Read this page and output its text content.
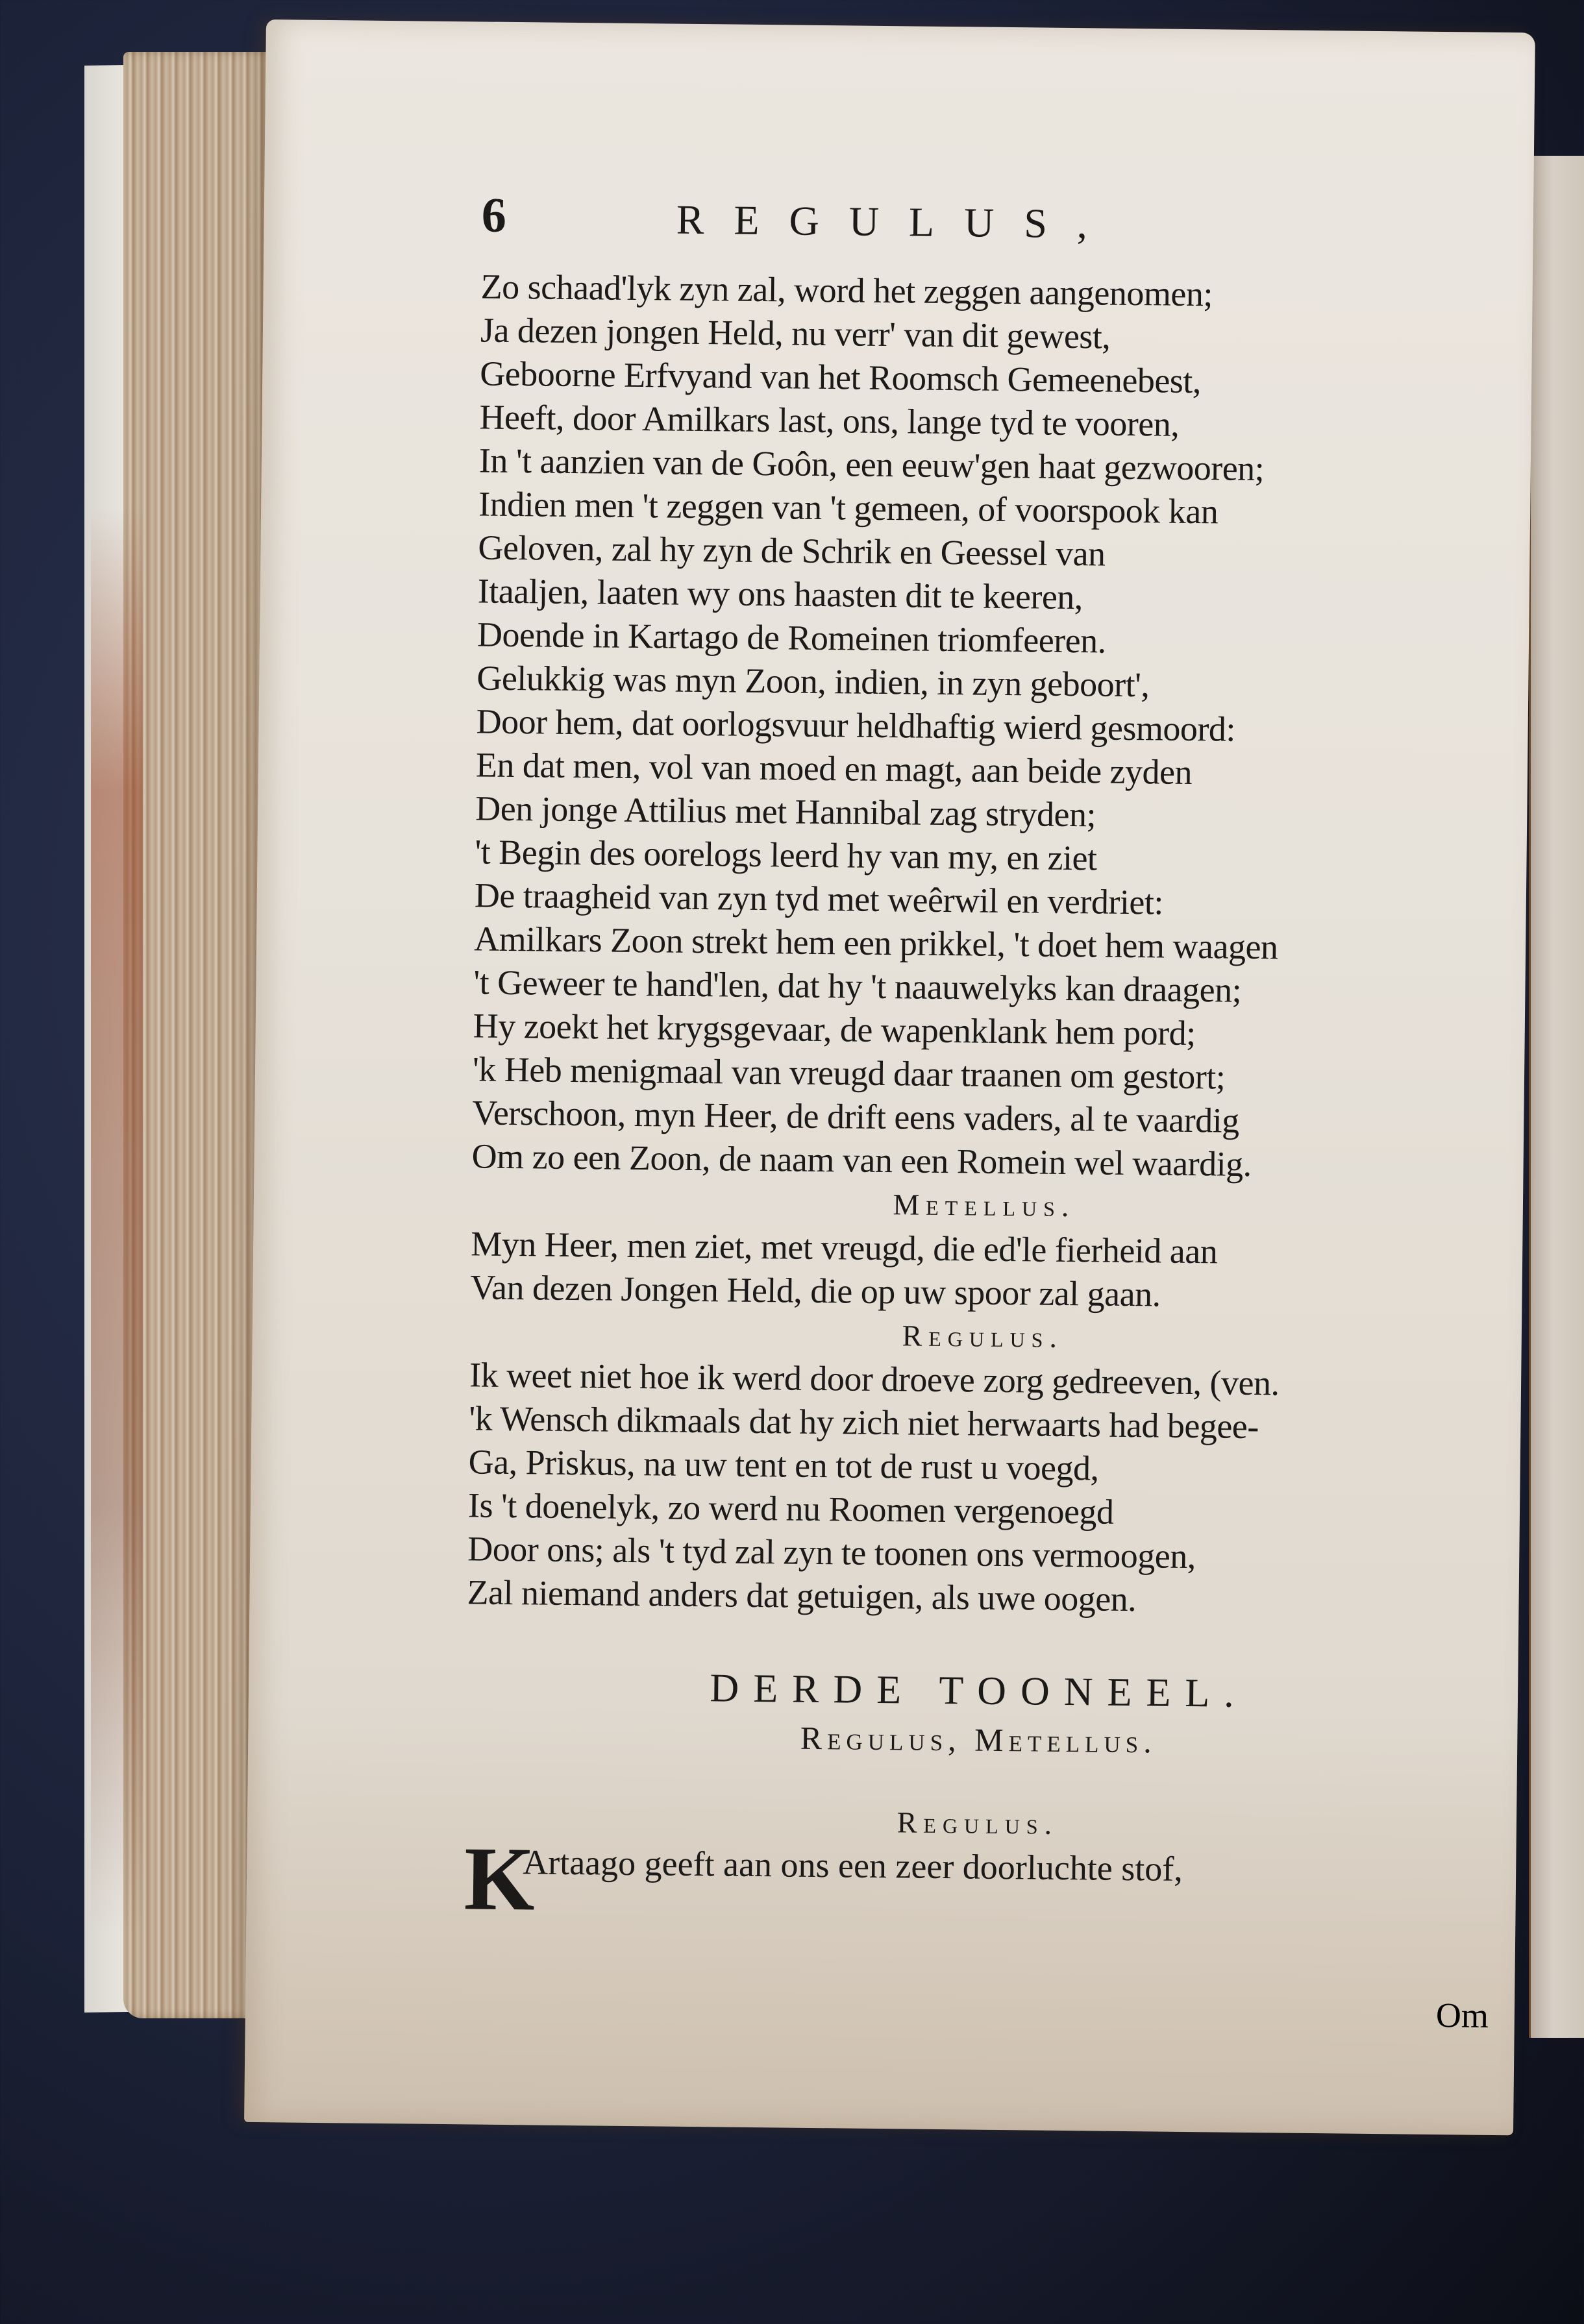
6	REGULUS,
Zo schaad'lyk zyn zal, word het zeggen aangenomen;
Ja dezen jongen Held, nu verr' van dit gewest,
Geboorne Erfvyand van het Roomsch Gemeenebest,
Heeft, door Amilkars last, ons, lange tyd te vooren,
In 't aanzien van de Goôn, een eeuw'gen haat gezwooren;
Indien men 't zeggen van 't gemeen, of voorspook kan
Geloven, zal hy zyn de Schrik en Geessel van
Itaaljen, laaten wy ons haasten dit te keeren,
Doende in Kartago de Romeinen triomfeeren.
Gelukkig was myn Zoon, indien, in zyn geboort',
Door hem, dat oorlogsvuur heldhaftig wierd gesmoord:
En dat men, vol van moed en magt, aan beide zyden
Den jonge Attilius met Hannibal zag stryden;
't Begin des oorelogs leerd hy van my, en ziet
De traagheid van zyn tyd met weêrwil en verdriet:
Amilkars Zoon strekt hem een prikkel, 't doet hem waagen
't Geweer te hand'len, dat hy 't naauwelyks kan draagen;
Hy zoekt het krygsgevaar, de wapenklank hem pord;
'k Heb menigmaal van vreugd daar traanen om gestort;
Verschoon, myn Heer, de drift eens vaders, al te vaardig
Om zo een Zoon, de naam van een Romein wel waardig.
Metellus.
Myn Heer, men ziet, met vreugd, die ed'le fierheid aan
Van dezen Jongen Held, die op uw spoor zal gaan.
Regulus.
Ik weet niet hoe ik werd door droeve zorg gedreeven, (ven.
'k Wensch dikmaals dat hy zich niet herwaarts had begee-
Ga, Priskus, na uw tent en tot de rust u voegd,
Is 't doenelyk, zo werd nu Roomen vergenoegd
Door ons; als 't tyd zal zyn te toonen ons vermoogen,
Zal niemand anders dat getuigen, als uwe oogen.
DERDE TOONEEL.
Regulus, Metellus.
Regulus.
K
Artaago geeft aan ons een zeer doorluchte stof,
Om
